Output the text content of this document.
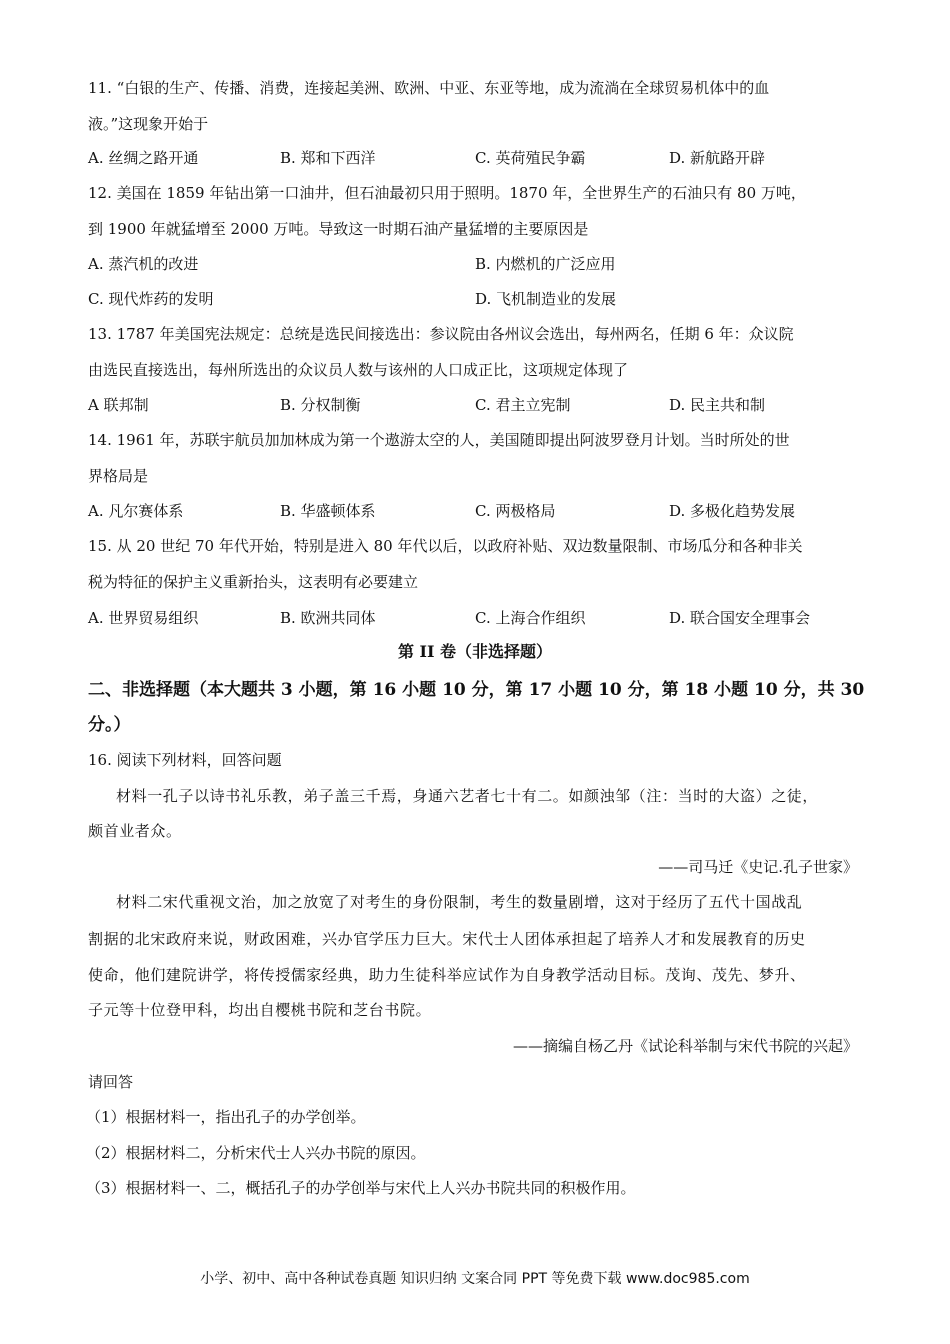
11. “白银的生产、传播、消费，连接起美洲、欧洲、中亚、东亚等地，成为流淌在全球贸易机体中的血
液。”这现象开始于
A. 丝绸之路开通	B. 郑和下西洋	C. 英荷殖民争霸	D. 新航路开辟
12. 美国在 1859 年钻出第一口油井，但石油最初只用于照明。1870 年，全世界生产的石油只有 80 万吨，
到 1900 年就猛增至 2000 万吨。导致这一时期石油产量猛增的主要原因是
A. 蒸汽机的改进	B. 内燃机的广泛应用
C. 现代炸药的发明	D. 飞机制造业的发展
13. 1787 年美国宪法规定：总统是选民间接选出：参议院由各州议会选出，每州两名，任期 6 年：众议院
由选民直接选出，每州所选出的众议员人数与该州的人口成正比，这项规定体现了
A 联邦制	B. 分权制衡	C. 君主立宪制	D. 民主共和制
14. 1961 年，苏联宇航员加加林成为第一个遨游太空的人，美国随即提出阿波罗登月计划。当时所处的世
界格局是
A. 凡尔赛体系	B. 华盛顿体系	C. 两极格局	D. 多极化趋势发展
15. 从 20 世纪 70 年代开始，特别是进入 80 年代以后，以政府补贴、双边数量限制、市场瓜分和各种非关
税为特征的保护主义重新抬头，这表明有必要建立
A. 世界贸易组织	B. 欧洲共同体	C. 上海合作组织	D. 联合国安全理事会
第 II 卷（非选择题）
二、非选择题（本大题共 3 小题，第 16 小题 10 分，第 17 小题 10 分，第 18 小题 10 分，共 30
分。）
16. 阅读下列材料，回答问题
材料一孔子以诗书礼乐教，弟子盖三千焉，身通六艺者七十有二。如颜浊邹（注：当时的大盗）之徒，
颇首业者众。
——司马迁《史记.孔子世家》
材料二宋代重视文治，加之放宽了对考生的身份限制，考生的数量剧增，这对于经历了五代十国战乱
割据的北宋政府来说，财政困难，兴办官学压力巨大。宋代士人团体承担起了培养人才和发展教育的历史
使命，他们建院讲学，将传授儒家经典，助力生徒科举应试作为自身教学活动目标。茂询、茂先、梦升、
子元等十位登甲科，均出自樱桃书院和芝台书院。
——摘编自杨乙丹《试论科举制与宋代书院的兴起》
请回答
（1）根据材料一，指出孔子的办学创举。
（2）根据材料二，分析宋代士人兴办书院的原因。
（3）根据材料一、二，概括孔子的办学创举与宋代上人兴办书院共同的积极作用。
小学、初中、高中各种试卷真题 知识归纳 文案合同 PPT 等免费下载 www.doc985.com
